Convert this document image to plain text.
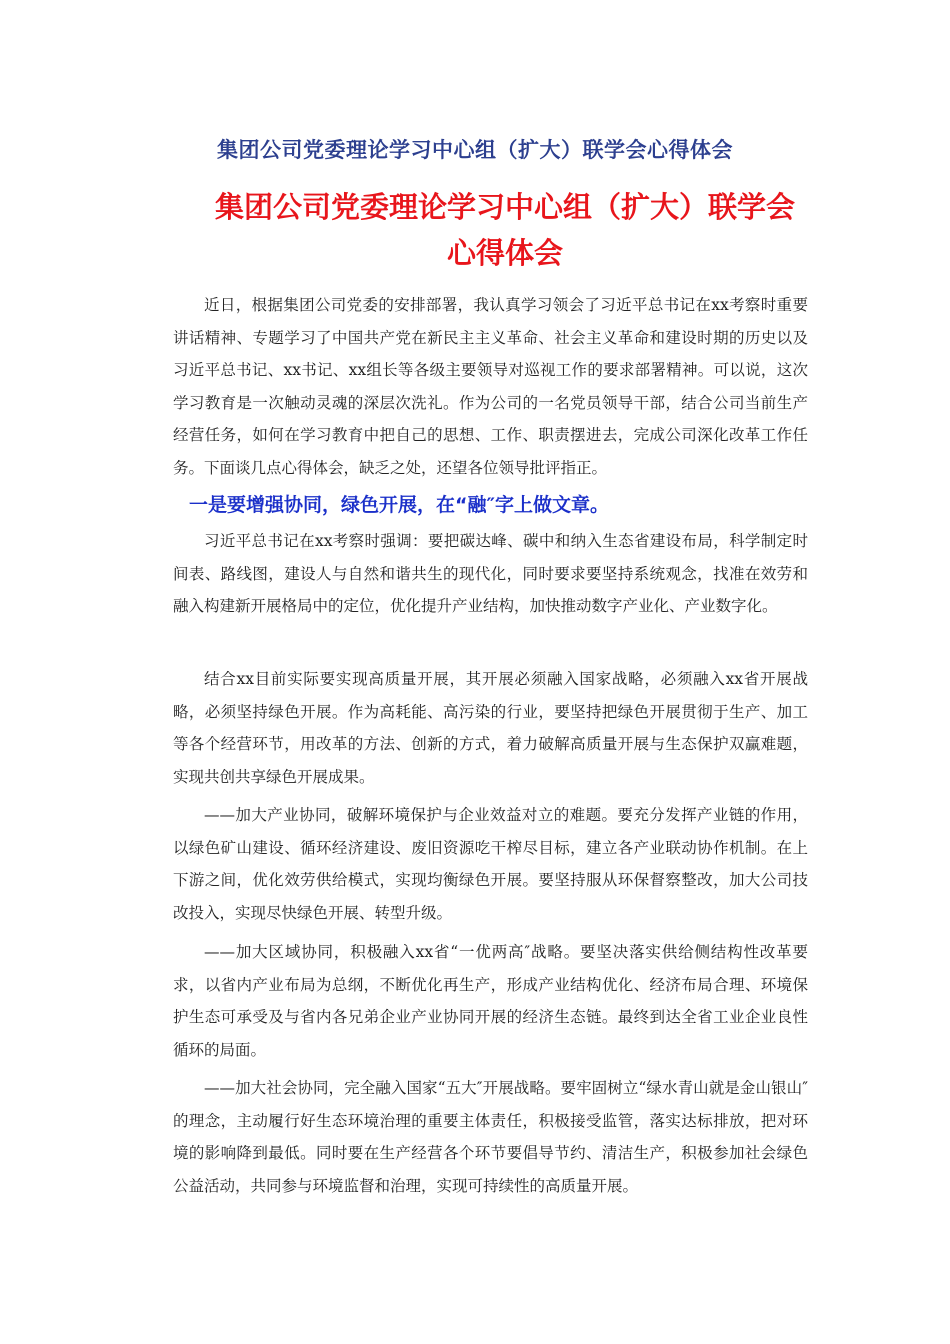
集团公司党委理论学习中心组（扩大）联学会心得体会
集团公司党委理论学习中心组（扩大）联学会
心得体会

近日，根据集团公司党委的安排部署，我认真学习领会了习近平总书记在xx考察时重要讲话精神、专题学习了中国共产党在新民主主义革命、社会主义革命和建设时期的历史以及习近平总书记、xx书记、xx组长等各级主要领导对巡视工作的要求部署精神。可以说，这次学习教育是一次触动灵魂的深层次洗礼。作为公司的一名党员领导干部，结合公司当前生产经营任务，如何在学习教育中把自己的思想、工作、职责摆进去，完成公司深化改革工作任务。下面谈几点心得体会，缺乏之处，还望各位领导批评指正。

一是要增强协同，绿色开展，在“融″字上做文章。

习近平总书记在xx考察时强调：要把碳达峰、碳中和纳入生态省建设布局，科学制定时间表、路线图，建设人与自然和谐共生的现代化，同时要求要坚持系统观念，找准在效劳和融入构建新开展格局中的定位，优化提升产业结构，加快推动数字产业化、产业数字化。

结合xx目前实际要实现高质量开展，其开展必须融入国家战略，必须融入xx省开展战略，必须坚持绿色开展。作为高耗能、高污染的行业，要坚持把绿色开展贯彻于生产、加工等各个经营环节，用改革的方法、创新的方式，着力破解高质量开展与生态保护双赢难题，实现共创共享绿色开展成果。

——加大产业协同，破解环境保护与企业效益对立的难题。要充分发挥产业链的作用，以绿色矿山建设、循环经济建设、废旧资源吃干榨尽目标，建立各产业联动协作机制。在上下游之间，优化效劳供给模式，实现均衡绿色开展。要坚持服从环保督察整改，加大公司技改投入，实现尽快绿色开展、转型升级。

——加大区域协同，积极融入xx省“一优两高″战略。要坚决落实供给侧结构性改革要求，以省内产业布局为总纲，不断优化再生产，形成产业结构优化、经济布局合理、环境保护生态可承受及与省内各兄弟企业产业协同开展的经济生态链。最终到达全省工业企业良性循环的局面。

——加大社会协同，完全融入国家“五大″开展战略。要牢固树立“绿水青山就是金山银山″的理念，主动履行好生态环境治理的重要主体责任，积极接受监管，落实达标排放，把对环境的影响降到最低。同时要在生产经营各个环节要倡导节约、清洁生产，积极参加社会绿色公益活动，共同参与环境监督和治理，实现可持续性的高质量开展。
